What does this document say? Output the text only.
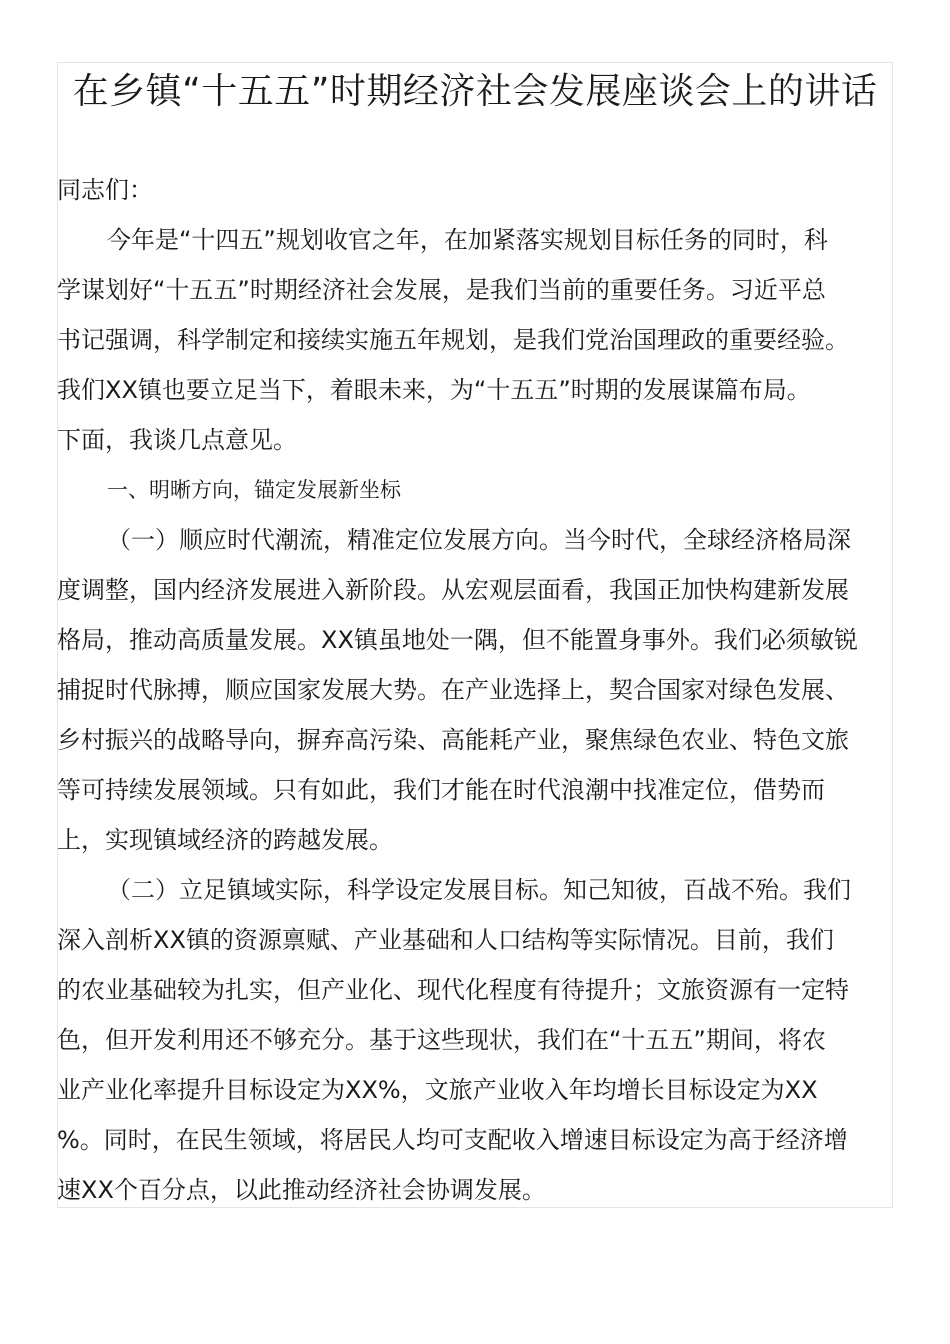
在乡镇“十五五”时期经济社会发展座谈会上的讲话
同志们：
今年是“十四五”规划收官之年，在加紧落实规划目标任务的同时，科
学谋划好“十五五”时期经济社会发展，是我们当前的重要任务。习近平总
书记强调，科学制定和接续实施五年规划，是我们党治国理政的重要经验。
我们XX镇也要立足当下，着眼未来，为“十五五”时期的发展谋篇布局。
下面，我谈几点意见。
一、明晰方向，锚定发展新坐标
（一）顺应时代潮流，精准定位发展方向。当今时代，全球经济格局深
度调整，国内经济发展进入新阶段。从宏观层面看，我国正加快构建新发展
格局，推动高质量发展。XX镇虽地处一隅，但不能置身事外。我们必须敏锐
捕捉时代脉搏，顺应国家发展大势。在产业选择上，契合国家对绿色发展、
乡村振兴的战略导向，摒弃高污染、高能耗产业，聚焦绿色农业、特色文旅
等可持续发展领域。只有如此，我们才能在时代浪潮中找准定位，借势而
上，实现镇域经济的跨越发展。
（二）立足镇域实际，科学设定发展目标。知己知彼，百战不殆。我们
深入剖析XX镇的资源禀赋、产业基础和人口结构等实际情况。目前，我们
的农业基础较为扎实，但产业化、现代化程度有待提升；文旅资源有一定特
色，但开发利用还不够充分。基于这些现状，我们在“十五五”期间，将农
业产业化率提升目标设定为XX%，文旅产业收入年均增长目标设定为XX
%。同时，在民生领域，将居民人均可支配收入增速目标设定为高于经济增
速XX个百分点，以此推动经济社会协调发展。
